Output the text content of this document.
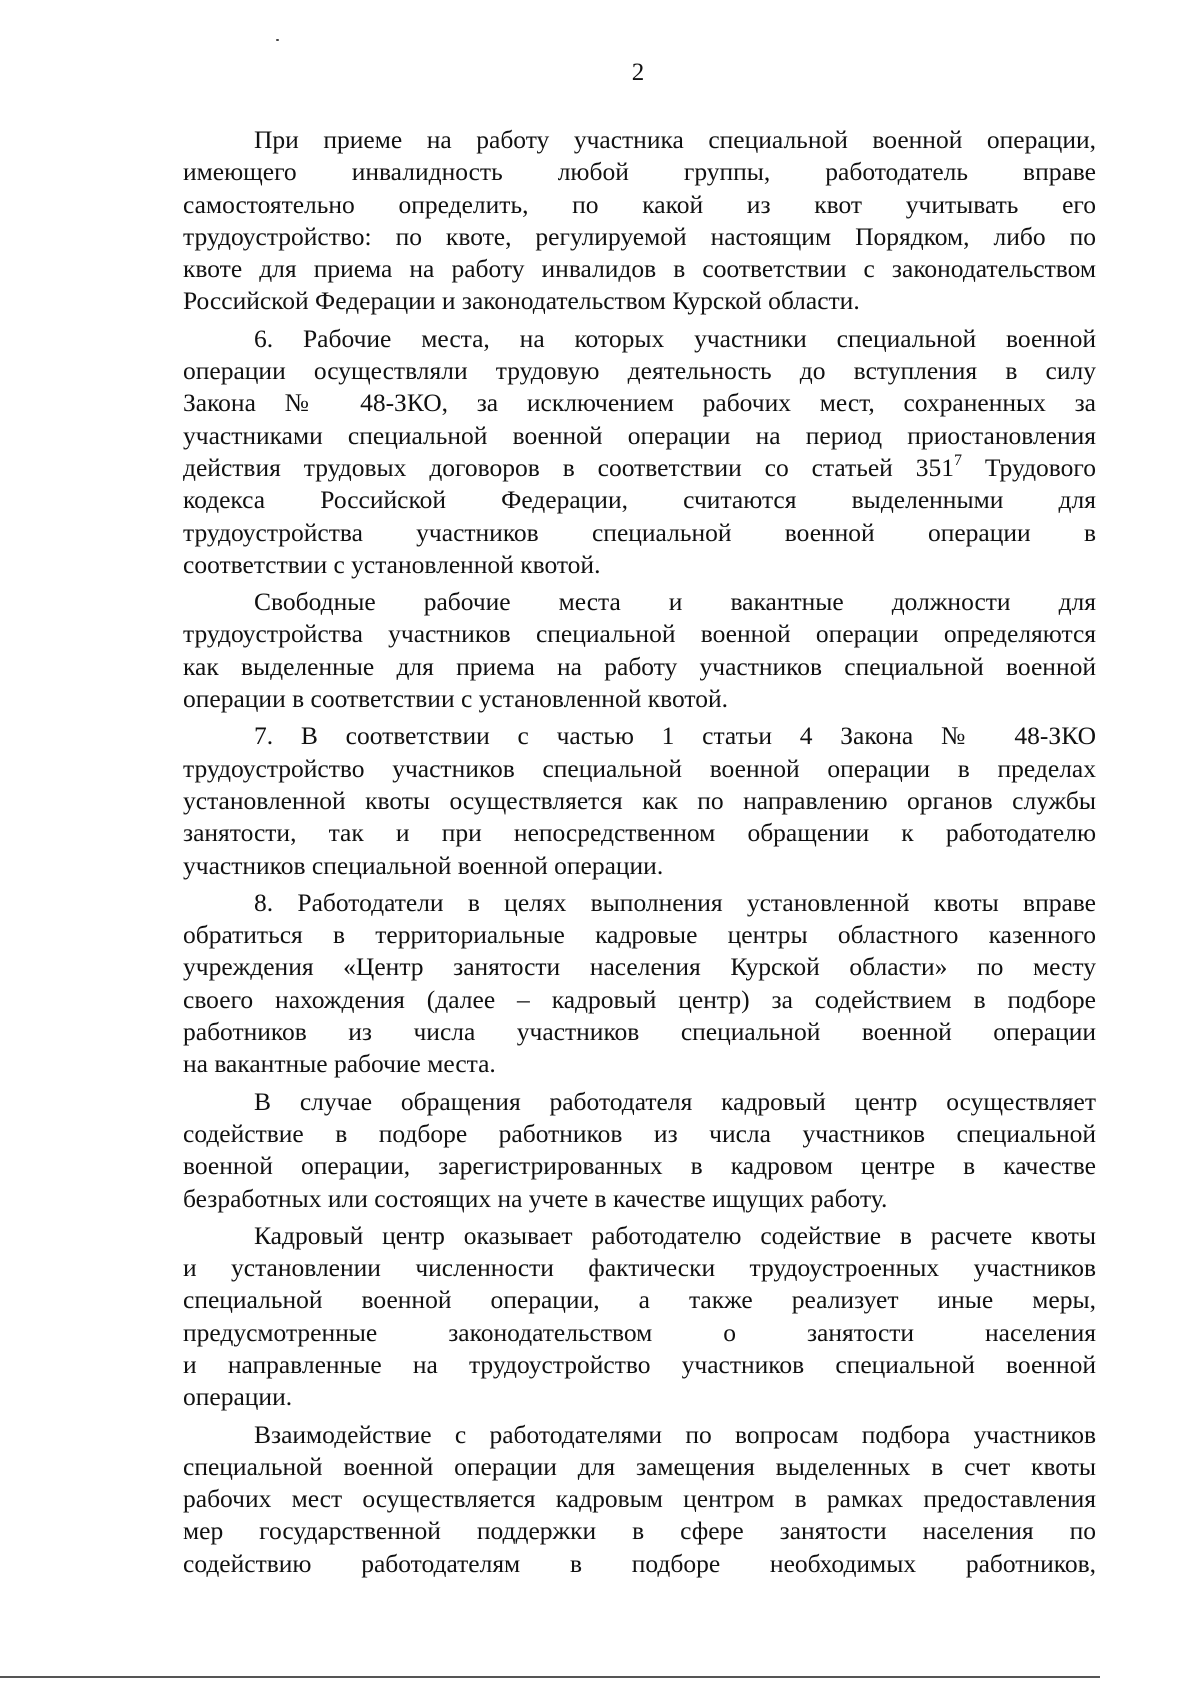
2
При приеме на работу участника специальной военной операции,
имеющего инвалидность любой группы, работодатель вправе
самостоятельно определить, по какой из квот учитывать его
трудоустройство: по квоте, регулируемой настоящим Порядком, либо по
квоте для приема на работу инвалидов в соответствии с законодательством
Российской Федерации и законодательством Курской области.
6. Рабочие места, на которых участники специальной военной
операции осуществляли трудовую деятельность до вступления в силу
Закона № 48-ЗКО, за исключением рабочих мест, сохраненных за
участниками специальной военной операции на период приостановления
действия трудовых договоров в соответствии со статьей $351^7$ Трудового
кодекса Российской Федерации, считаются выделенными для
трудоустройства участников специальной военной операции в
соответствии с установленной квотой.
Свободные рабочие места и вакантные должности для
трудоустройства участников специальной военной операции определяются
как выделенные для приема на работу участников специальной военной
операции в соответствии с установленной квотой.
7. В соответствии с частью 1 статьи 4 Закона № 48-ЗКО
трудоустройство участников специальной военной операции в пределах
установленной квоты осуществляется как по направлению органов службы
занятости, так и при непосредственном обращении к работодателю
участников специальной военной операции.
8. Работодатели в целях выполнения установленной квоты вправе
обратиться в территориальные кадровые центры областного казенного
учреждения «Центр занятости населения Курской области» по месту
своего нахождения (далее – кадровый центр) за содействием в подборе
работников из числа участников специальной военной операции
на вакантные рабочие места.
В случае обращения работодателя кадровый центр осуществляет
содействие в подборе работников из числа участников специальной
военной операции, зарегистрированных в кадровом центре в качестве
безработных или состоящих на учете в качестве ищущих работу.
Кадровый центр оказывает работодателю содействие в расчете квоты
и установлении численности фактически трудоустроенных участников
специальной военной операции, а также реализует иные меры,
предусмотренные законодательством о занятости населения
и направленные на трудоустройство участников специальной военной
операции.
Взаимодействие с работодателями по вопросам подбора участников
специальной военной операции для замещения выделенных в счет квоты
рабочих мест осуществляется кадровым центром в рамках предоставления
мер государственной поддержки в сфере занятости населения по
содействию работодателям в подборе необходимых работников,
